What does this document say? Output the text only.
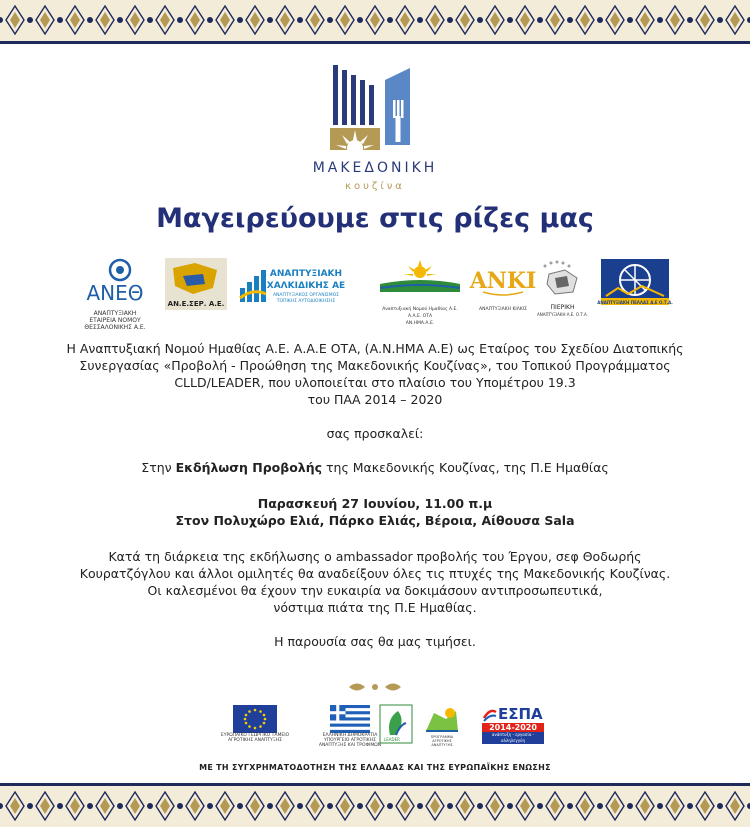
ΜΑΚΕΔΟΝΙΚΗ
κουζίνα
Μαγειρεύουμε στις ρίζες μας
ΑΝΕΘ
ΑΝΑΠΤΥΞΙΑΚΗ ΕΤΑΙΡΕΙΑ ΝΟΜΟΥ ΘΕΣΣΑΛΟΝΙΚΗΣ Α.Ε.
ΑΝ.Ε.ΣΕΡ. Α.Ε.
ΑΝΑΠΤΥΞΙΑΚΗ
ΧΑΛΚΙΔΙΚΗΣ ΑΕ
ΑΝΑΠΤΥΞΙΑΚΟΣ ΟΡΓΑΝΙΣΜΟΣ
ΤΟΠΙΚΗΣ ΑΥΤΟΔΙΟΙΚΗΣΗΣ
Αναπτυξιακή Νομού Ημαθίας Α.Ε. Α.Α.Ε. ΟΤΑ
ΑΝ.ΗΜΑ.Α.Ε.
ΑΝΚΙ
ΑΝΑΠΤΥΞΙΑΚΗ ΚΙΛΚΙΣ	ΠΙΕΡΙΚΗ
ΑΝΑΠΤΥΞΙΑΚΗ Α.Ε. Ο.Τ.Α.
ΑΝΑΠΤΥΞΙΑΚΗ ΠΕΛΛΑΣ Α.Ε Ο.Τ.Α.
Η Αναπτυξιακή Νομού Ημαθίας Α.Ε. Α.Α.Ε ΟΤΑ, (Α.Ν.ΗΜΑ Α.Ε) ως Εταίρος του Σχεδίου Διατοπικής
Συνεργασίας «Προβολή - Προώθηση της Μακεδονικής Κουζίνας», του Τοπικού Προγράμματος
CLLD/LEADER, που υλοποιείται στο πλαίσιο του Υπομέτρου 19.3
του ΠΑΑ 2014 – 2020
σας προσκαλεί:
Στην Εκδήλωση Προβολής της Μακεδονικής Κουζίνας, της Π.Ε Ημαθίας
Παρασκευή 27 Ιουνίου, 11.00 π.μ
Στον Πολυχώρο Ελιά, Πάρκο Ελιάς, Βέροια, Αίθουσα Sala
Κατά τη διάρκεια της εκδήλωσης ο ambassador προβολής του Έργου, σεφ Θοδωρής
Κουρατζόγλου και άλλοι ομιλητές θα αναδείξουν όλες τις πτυχές της Μακεδονικής Κουζίνας.
Οι καλεσμένοι θα έχουν την ευκαιρία να δοκιμάσουν αντιπροσωπευτικά,
νόστιμα πιάτα της Π.Ε Ημαθίας.
Η παρουσία σας θα μας τιμήσει.
ΕΥΡΩΠΑΪΚΟ ΓΕΩΡΓΙΚΟ ΤΑΜΕΙΟ ΑΓΡΟΤΙΚΗΣ ΑΝΑΠΤΥΞΗΣ
ΕΛΛΗΝΙΚΗ ΔΗΜΟΚΡΑΤΙΑ ΥΠΟΥΡΓΕΙΟ ΑΓΡΟΤΙΚΗΣ ΑΝΑΠΤΥΞΗΣ ΚΑΙ ΤΡΟΦΙΜΩΝ
LEADER	ΠΡΟΓΡΑΜΜΑ ΑΓΡΟΤΙΚΗΣ ΑΝΑΠΤΥΞΗΣ
ΕΣΠΑ
2014-2020
ανάπτυξη - εργασία - αλληλεγγύη
ΜΕ ΤΗ ΣΥΓΧΡΗΜΑΤΟΔΟΤΗΣΗ ΤΗΣ ΕΛΛΑΔΑΣ ΚΑΙ ΤΗΣ ΕΥΡΩΠΑΪΚΗΣ ΕΝΩΣΗΣ
